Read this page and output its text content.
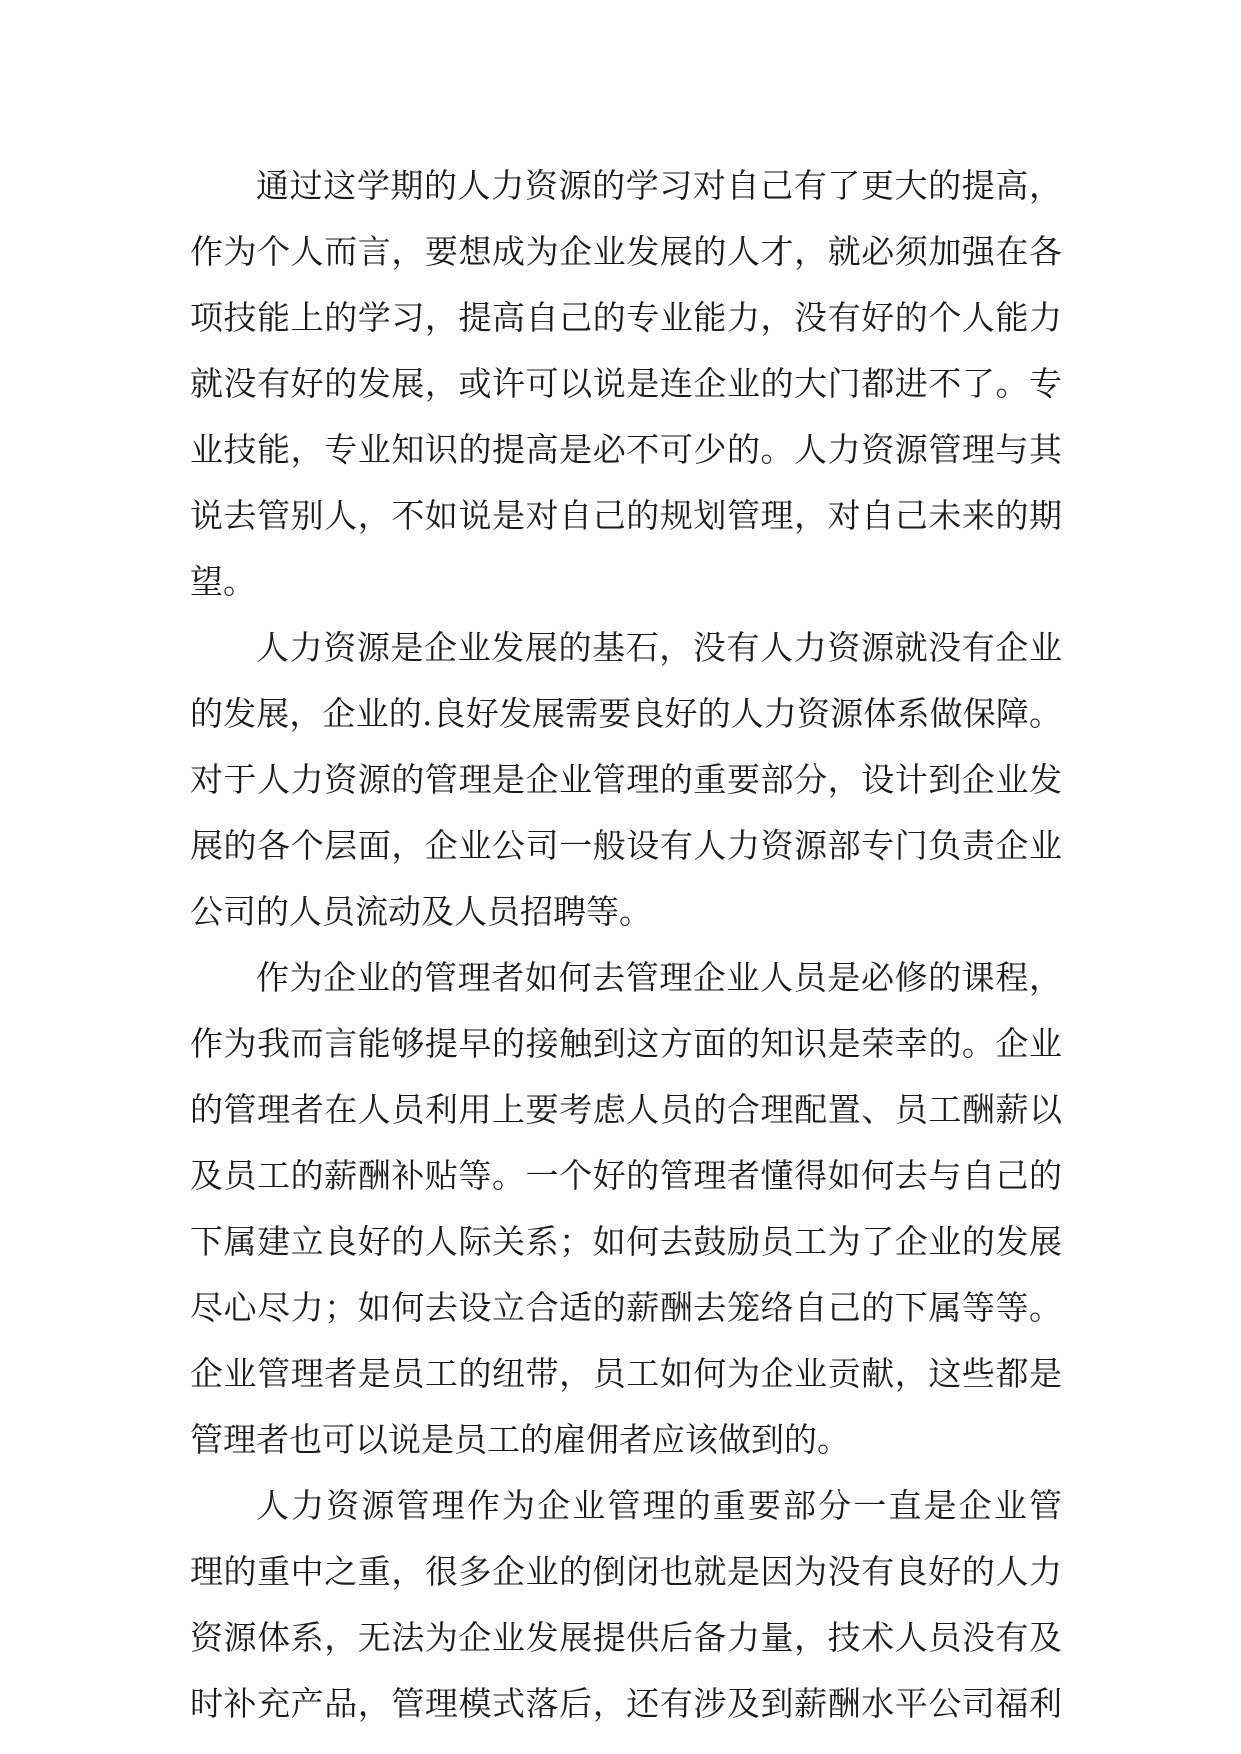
通过这学期的人力资源的学习对自己有了更大的提高，
作为个人而言，要想成为企业发展的人才，就必须加强在各
项技能上的学习，提高自己的专业能力，没有好的个人能力
就没有好的发展，或许可以说是连企业的大门都进不了。专
业技能，专业知识的提高是必不可少的。人力资源管理与其
说去管别人，不如说是对自己的规划管理，对自己未来的期
望。
人力资源是企业发展的基石，没有人力资源就没有企业
的发展，企业的.良好发展需要良好的人力资源体系做保障。
对于人力资源的管理是企业管理的重要部分，设计到企业发
展的各个层面，企业公司一般设有人力资源部专门负责企业
公司的人员流动及人员招聘等。
作为企业的管理者如何去管理企业人员是必修的课程，
作为我而言能够提早的接触到这方面的知识是荣幸的。企业
的管理者在人员利用上要考虑人员的合理配置、员工酬薪以
及员工的薪酬补贴等。一个好的管理者懂得如何去与自己的
下属建立良好的人际关系；如何去鼓励员工为了企业的发展
尽心尽力；如何去设立合适的薪酬去笼络自己的下属等等。
企业管理者是员工的纽带，员工如何为企业贡献，这些都是
管理者也可以说是员工的雇佣者应该做到的。
人力资源管理作为企业管理的重要部分一直是企业管
理的重中之重，很多企业的倒闭也就是因为没有良好的人力
资源体系，无法为企业发展提供后备力量，技术人员没有及
时补充产品，管理模式落后，还有涉及到薪酬水平公司福利
